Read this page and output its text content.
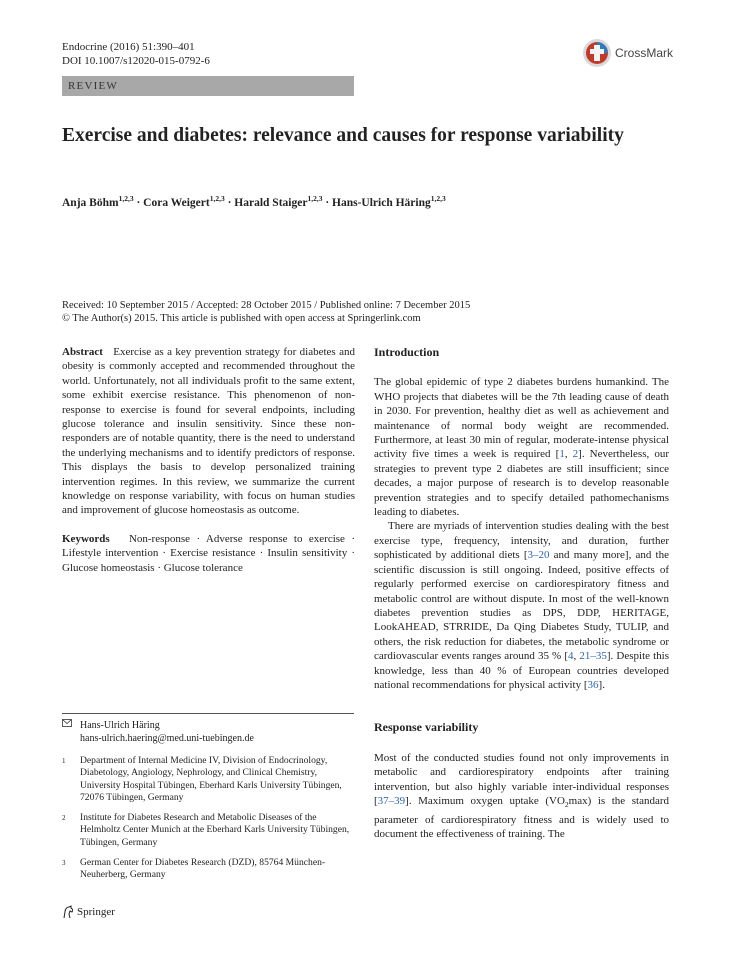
Endocrine (2016) 51:390–401
DOI 10.1007/s12020-015-0792-6
CrossMark
REVIEW
Exercise and diabetes: relevance and causes for response variability
Anja Böhm$^{1,2,3}$ · Cora Weigert$^{1,2,3}$ · Harald Staiger$^{1,2,3}$ · Hans-Ulrich Häring$^{1,2,3}$
Received: 10 September 2015 / Accepted: 28 October 2015 / Published online: 7 December 2015
© The Author(s) 2015. This article is published with open access at Springerlink.com

Abstract Exercise as a key prevention strategy for diabetes and obesity is commonly accepted and recommended throughout the world. Unfortunately, not all individuals profit to the same extent, some exhibit exercise resistance. This phenomenon of non-response to exercise is found for several endpoints, including glucose tolerance and insulin sensitivity. Since these non-responders are of notable quantity, there is the need to understand the underlying mechanisms and to identify predictors of response. This displays the basis to develop personalized training intervention regimes. In this review, we summarize the current knowledge on response variability, with focus on human studies and improvement of glucose homeostasis as outcome.

Keywords Non-response · Adverse response to exercise · Lifestyle intervention · Exercise resistance · Insulin sensitivity · Glucose homeostasis · Glucose tolerance

Hans-Ulrich Häring
hans-ulrich.haering@med.uni-tuebingen.de
1 Department of Internal Medicine IV, Division of Endocrinology, Diabetology, Angiology, Nephrology, and Clinical Chemistry, University Hospital Tübingen, Eberhard Karls University Tübingen, 72076 Tübingen, Germany
2 Institute for Diabetes Research and Metabolic Diseases of the Helmholtz Center Munich at the Eberhard Karls University Tübingen, Tübingen, Germany
3 German Center for Diabetes Research (DZD), 85764 München-Neuherberg, Germany

Introduction

The global epidemic of type 2 diabetes burdens humankind. The WHO projects that diabetes will be the 7th leading cause of death in 2030. For prevention, healthy diet as well as achievement and maintenance of normal body weight are recommended. Furthermore, at least 30 min of regular, moderate-intense physical activity five times a week is required [1, 2]. Nevertheless, our strategies to prevent type 2 diabetes are still insufficient; since decades, a major purpose of research is to develop reasonable prevention strategies and to specify detailed pathomechanisms leading to diabetes.

There are myriads of intervention studies dealing with the best exercise type, frequency, intensity, and duration, further sophisticated by additional diets [3–20 and many more], and the scientific discussion is still ongoing. Indeed, positive effects of regularly performed exercise on cardiorespiratory fitness and metabolic control are without dispute. In most of the well-known diabetes prevention studies as DPS, DDP, HERITAGE, LookAHEAD, STRRIDE, Da Qing Diabetes Study, TULIP, and others, the risk reduction for diabetes, the metabolic syndrome or cardiovascular events ranges around 35 % [4, 21–35]. Despite this knowledge, less than 40 % of European countries developed national recommendations for physical activity [36].

Response variability

Most of the conducted studies found not only improvements in metabolic and cardiorespiratory endpoints after training intervention, but also highly variable inter-individual responses [37–39]. Maximum oxygen uptake $(VO_2\max)$ is the standard parameter of cardiorespiratory fitness and is widely used to document the effectiveness of training. The

Springer
